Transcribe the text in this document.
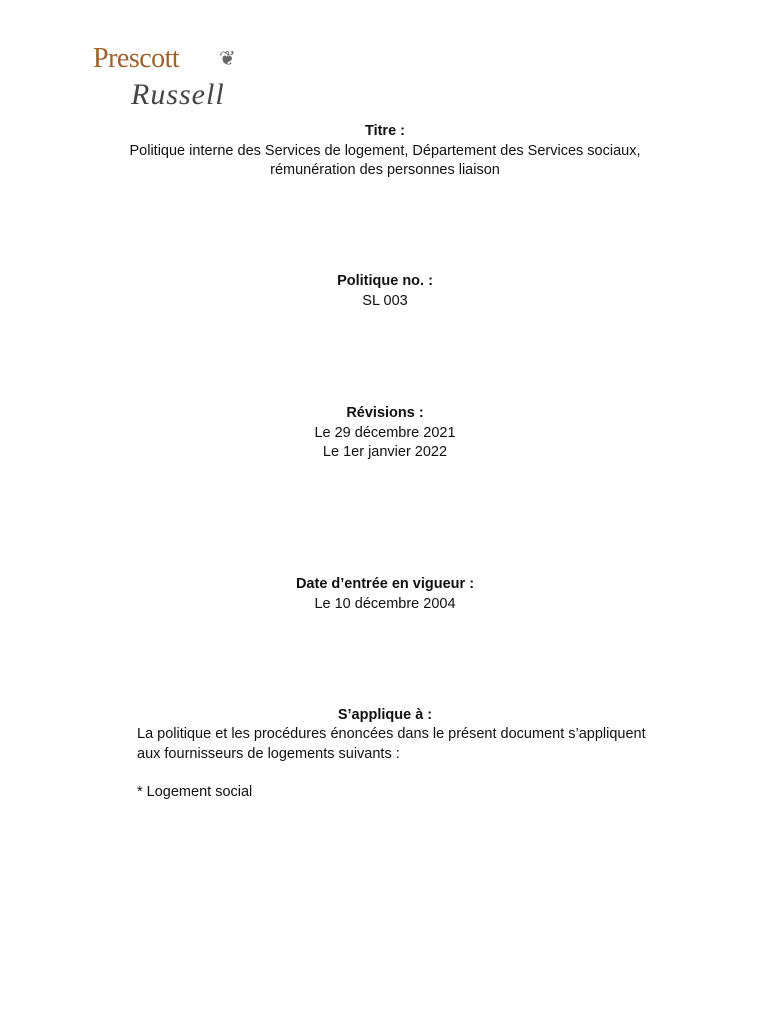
Prescott ❦
Russell
Titre :
Politique interne des Services de logement, Département des Services sociaux,
rémunération des personnes liaison
Politique no. :
SL 003
Révisions :
Le 29 décembre 2021
Le 1er janvier 2022
Date d’entrée en vigueur :
Le 10 décembre 2004
S’applique à :
La politique et les procédures énoncées dans le présent document s’appliquent
aux fournisseurs de logements suivants :
* Logement social
